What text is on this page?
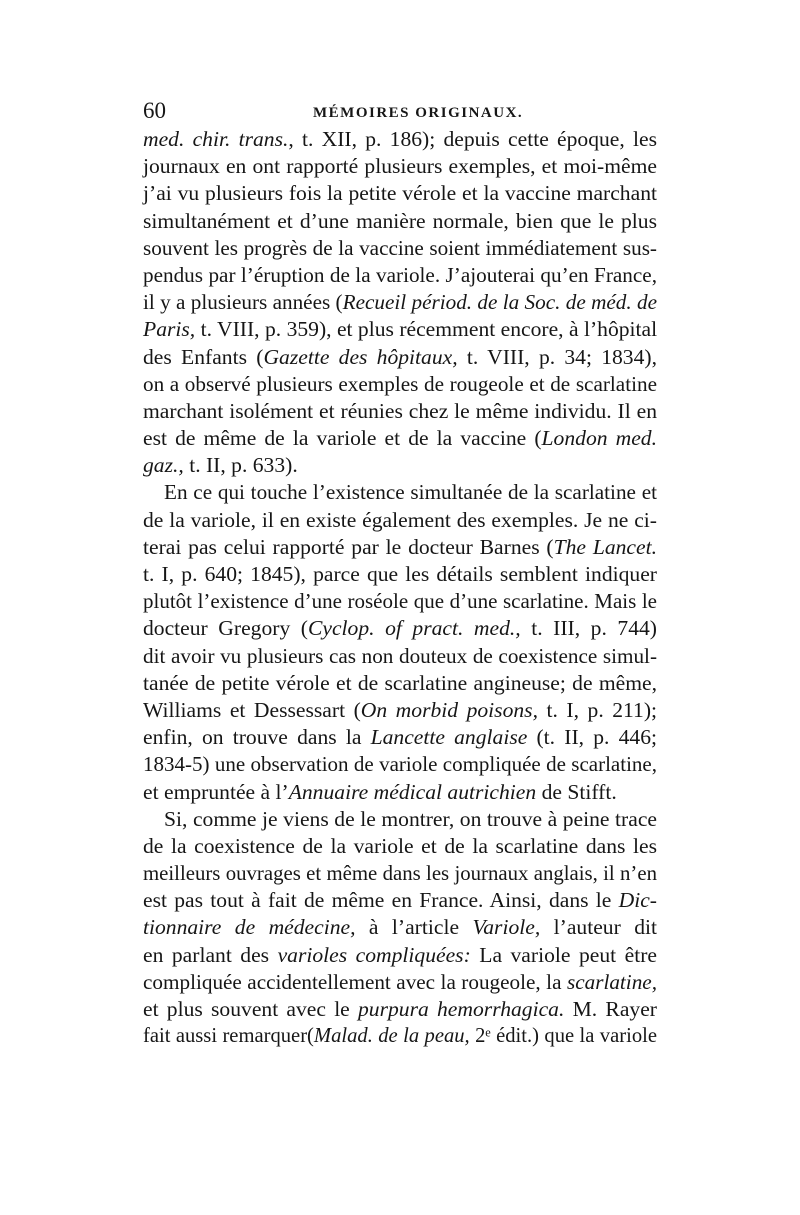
60	MÉMOIRES ORIGINAUX.
med. chir. trans., t. XII, p. 186); depuis cette époque, les
journaux en ont rapporté plusieurs exemples, et moi-même
j’ai vu plusieurs fois la petite vérole et la vaccine marchant
simultanément et d’une manière normale, bien que le plus
souvent les progrès de la vaccine soient immédiatement sus-
pendus par l’éruption de la variole. J’ajouterai qu’en France,
il y a plusieurs années (Recueil périod. de la Soc. de méd. de
Paris, t. VIII, p. 359), et plus récemment encore, à l’hôpital
des Enfants (Gazette des hôpitaux, t. VIII, p. 34; 1834),
on a observé plusieurs exemples de rougeole et de scarlatine
marchant isolément et réunies chez le même individu. Il en
est de même de la variole et de la vaccine (London med.
gaz., t. II, p. 633).
En ce qui touche l’existence simultanée de la scarlatine et
de la variole, il en existe également des exemples. Je ne ci-
terai pas celui rapporté par le docteur Barnes (The Lancet.
t. I, p. 640; 1845), parce que les détails semblent indiquer
plutôt l’existence d’une roséole que d’une scarlatine. Mais le
docteur Gregory (Cyclop. of pract. med., t. III, p. 744)
dit avoir vu plusieurs cas non douteux de coexistence simul-
tanée de petite vérole et de scarlatine angineuse; de même,
Williams et Dessessart (On morbid poisons, t. I, p. 211);
enfin, on trouve dans la Lancette anglaise (t. II, p. 446;
1834-5) une observation de variole compliquée de scarlatine,
et empruntée à l’Annuaire médical autrichien de Stifft.
Si, comme je viens de le montrer, on trouve à peine trace
de la coexistence de la variole et de la scarlatine dans les
meilleurs ouvrages et même dans les journaux anglais, il n’en
est pas tout à fait de même en France. Ainsi, dans le Dic-
tionnaire de médecine, à l’article Variole, l’auteur dit
en parlant des varioles compliquées: La variole peut être
compliquée accidentellement avec la rougeole, la scarlatine,
et plus souvent avec le purpura hemorrhagica. M. Rayer
fait aussi remarquer(Malad. de la peau, 2ᵉ édit.) que la variole
